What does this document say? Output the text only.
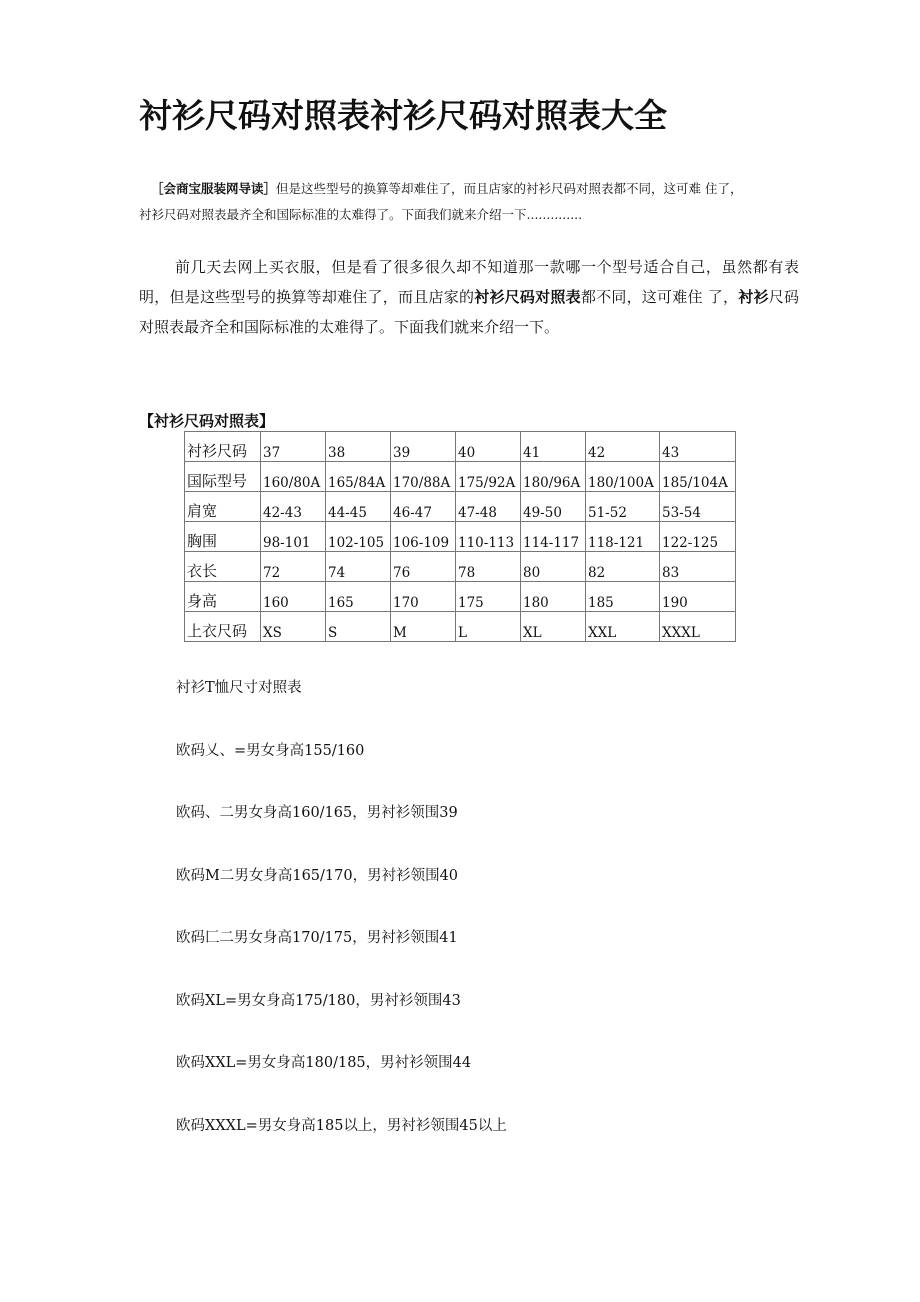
衬衫尺码对照表衬衫尺码对照表大全
［会商宝服装网导读］但是这些型号的换算等却难住了，而且店家的衬衫尺码对照表都不同，这可难 住了，
衬衫尺码对照表最齐全和国际标准的太难得了。下面我们就来介绍一下..............
前几天去网上买衣服，但是看了很多很久却不知道那一款哪一个型号适合自己，虽然都有表明，但是这些型号的换算等却难住了，而且店家的衬衫尺码对照表都不同，这可难住 了，衬衫尺码对照表最齐全和国际标准的太难得了。下面我们就来介绍一下。
【衬衫尺码对照表】
衬衫尺码	37	38	39	40	41	42	43
国际型号	160/80A	165/84A	170/88A	175/92A	180/96A	180/100A	185/104A
肩宽	42-43	44-45	46-47	47-48	49-50	51-52	53-54
胸围	98-101	102-105	106-109	110-113	114-117	118-121	122-125
衣长	72	74	76	78	80	82	83
身高	160	165	170	175	180	185	190
上衣尺码	XS	S	M	L	XL	XXL	XXXL
衬衫T恤尺寸对照表
欧码乂、=男女身高155/160
欧码、二男女身高160/165，男衬衫领围39
欧码M二男女身高165/170，男衬衫领围40
欧码匚二男女身高170/175，男衬衫领围41
欧码XL=男女身高175/180，男衬衫领围43
欧码XXL=男女身高180/185，男衬衫领围44
欧码XXXL=男女身高185以上，男衬衫领围45以上
